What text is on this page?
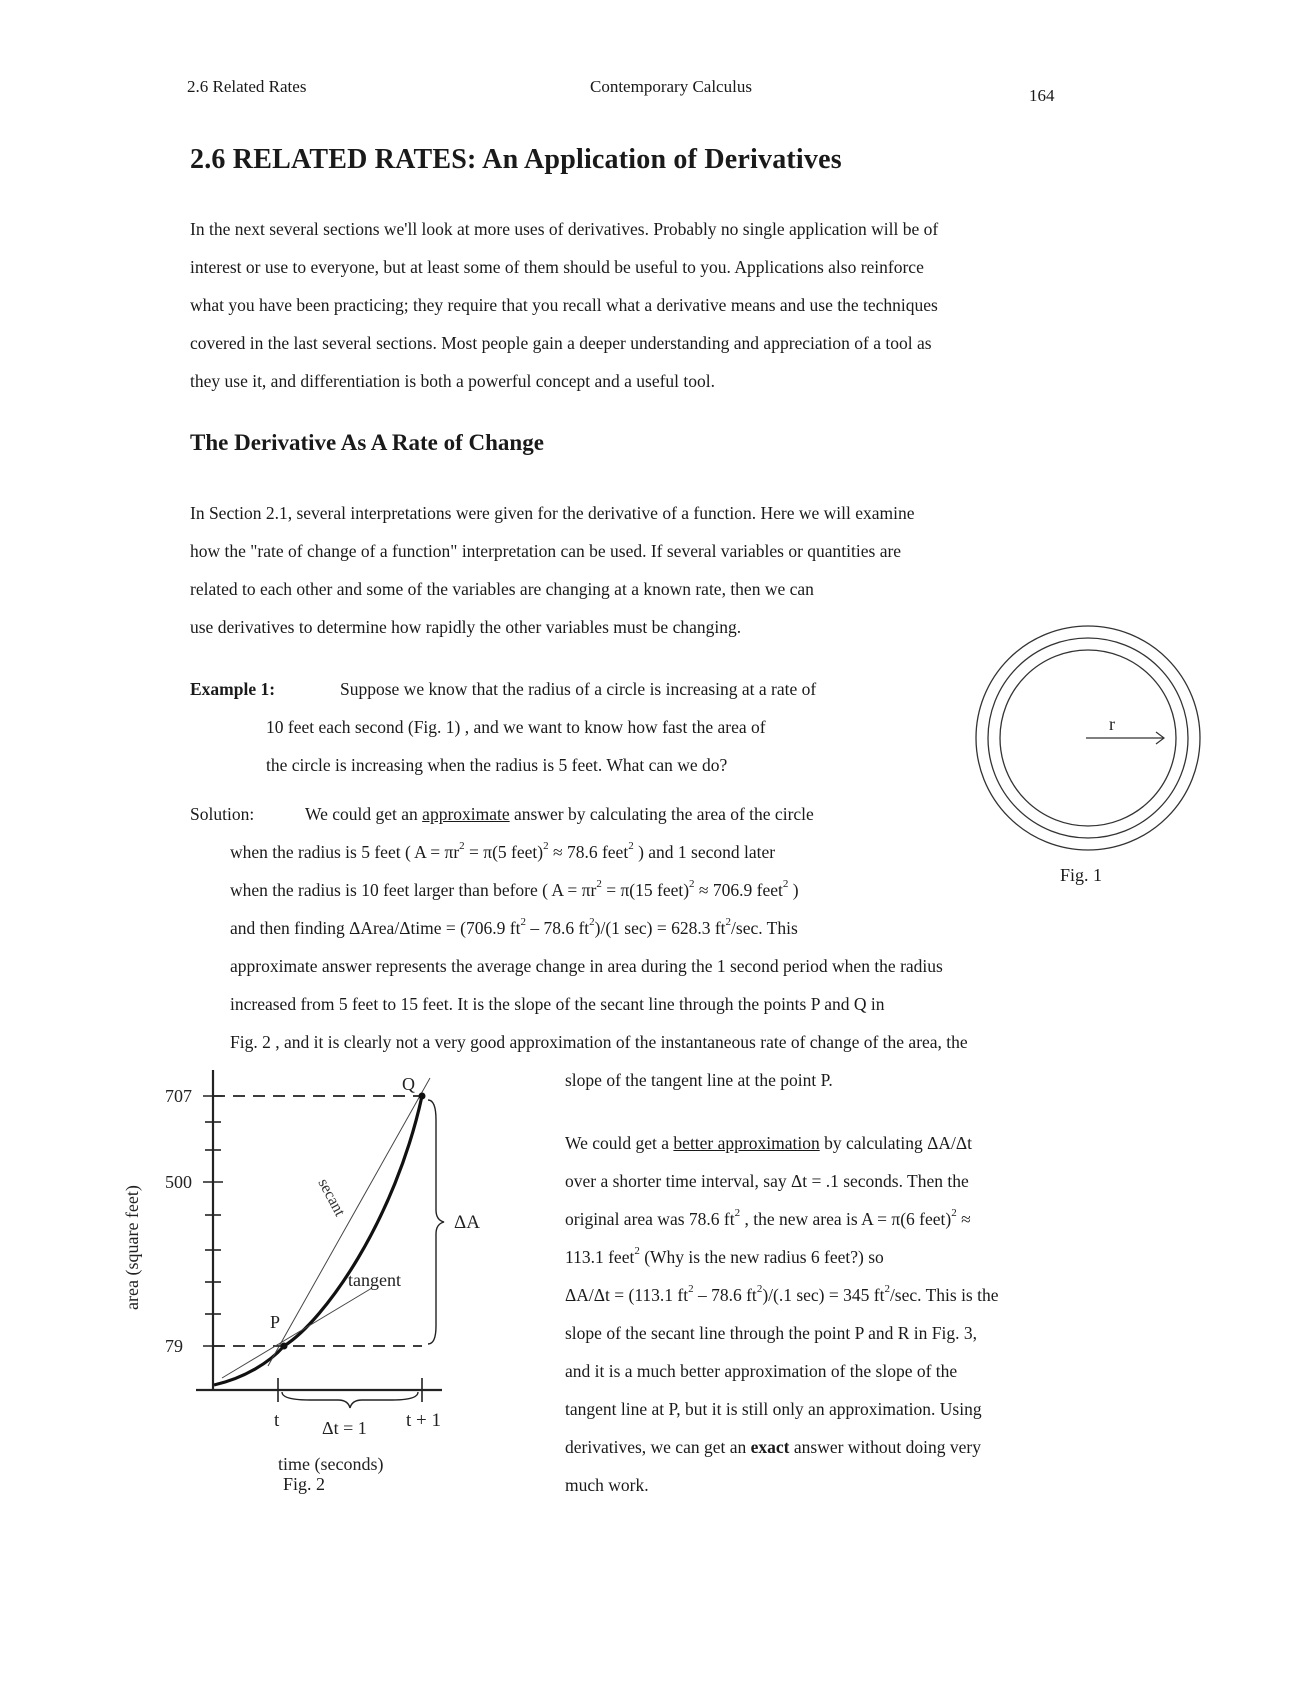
2.6 Related Rates	Contemporary Calculus	164
2.6 RELATED RATES: An Application of Derivatives
In the next several sections we'll look at more uses of derivatives. Probably no single application will be of
interest or use to everyone, but at least some of them should be useful to you. Applications also reinforce
what you have been practicing; they require that you recall what a derivative means and use the techniques
covered in the last several sections. Most people gain a deeper understanding and appreciation of a tool as
they use it, and differentiation is both a powerful concept and a useful tool.
The Derivative As A Rate of Change
In Section 2.1, several interpretations were given for the derivative of a function. Here we will examine
how the "rate of change of a function" interpretation can be used. If several variables or quantities are
related to each other and some of the variables are changing at a known rate, then we can
use derivatives to determine how rapidly the other variables must be changing.
Example 1:	Suppose we know that the radius of a circle is increasing at a rate of
10 feet each second (Fig. 1) , and we want to know how fast the area of
the circle is increasing when the radius is 5 feet. What can we do?
Solution:	We could get an approximate answer by calculating the area of the circle
when the radius is 5 feet ( $A = \pi r^2 = \pi(5$ feet)$^2$ ≈ 78.6 feet$^2$ ) and 1 second later
when the radius is 10 feet larger than before ( $A = \pi r^2 = \pi(15$ feet)$^2$ ≈ 706.9 feet$^2$ )
and then finding ΔArea/Δtime = (706.9 $ft^2 - 78.6$ $ft^2)/(1$ sec) = 628.3 $ft^2/\sec$. This
approximate answer represents the average change in area during the 1 second period when the radius
increased from 5 feet to 15 feet. It is the slope of the secant line through the points P and Q in
Fig. 2 , and it is clearly not a very good approximation of the instantaneous rate of change of the area, the
slope of the tangent line at the point P.
We could get a better approximation by calculating ΔA/Δt
over a shorter time interval, say Δt = .1 seconds. Then the
original area was 78.6 $ft^2$ , the new area is A = π(6 feet)$^2$ ≈
113.1 feet$^2$ (Why is the new radius 6 feet?) so
ΔA/Δt = (113.1 $ft^2 - 78.6$ $ft^2)/(.1$ sec) = 345 $ft^2/\sec$. This is the
slope of the secant line through the point P and R in Fig. 3,
and it is a much better approximation of the slope of the
tangent line at P, but it is still only an approximation. Using
derivatives, we can get an exact answer without doing very
much work.
r
Fig. 1
707
500
79
area (square feet)
t	t + 1
Δt = 1
ΔA
P
Q
secant
tangent
time (seconds)
Fig. 2
